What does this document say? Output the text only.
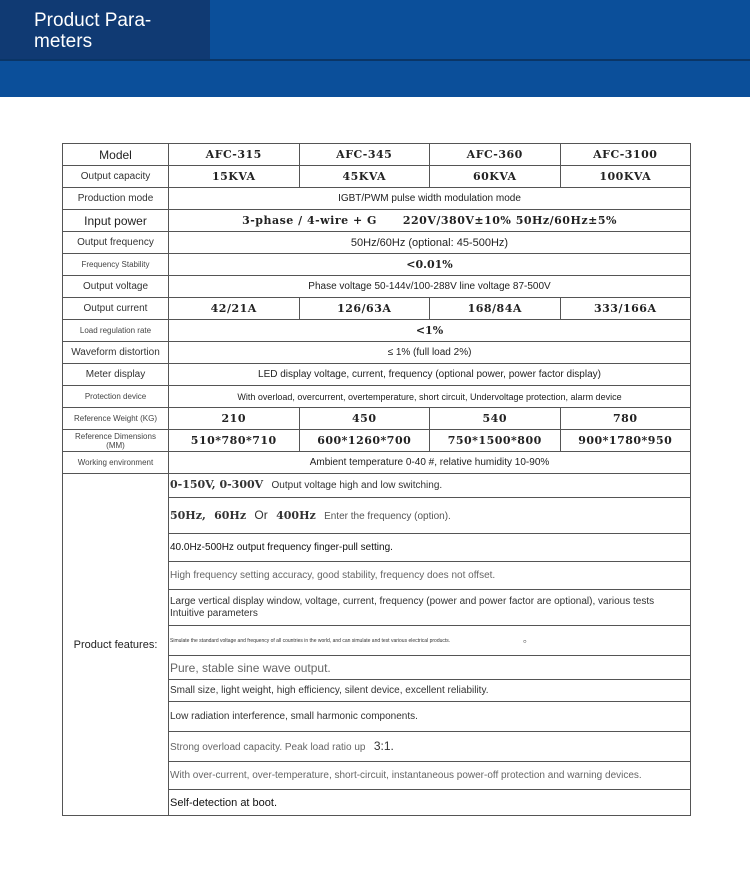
Product Para-
meters
Model	AFC-315	AFC-345	AFC-360	AFC-3100
Output capacity	15KVA	45KVA	60KVA	100KVA
Production mode	IGBT/PWM pulse width modulation mode			
Input power	3-phase / 4-wire + G      220V/380V±10% 50Hz/60Hz±5%			
Output frequency	50Hz/60Hz (optional: 45-500Hz)			
Frequency Stability	<0.01%			
Output voltage	Phase voltage 50-144v/100-288V line voltage 87-500V			
Output current	42/21A	126/63A	168/84A	333/166A
Load regulation rate	<1%			
Waveform distortion	≤ 1% (full load 2%)			
Meter display	LED display voltage, current, frequency (optional power, power factor display)			
Protection device	With overload, overcurrent, overtemperature, short circuit, Undervoltage protection, alarm device			
Reference Weight (KG)	210	450	540	780
Reference Dimensions (MM)	510*780*710	600*1260*700	750*1500*800	900*1780*950
Working environment	Ambient temperature 0-40 #, relative humidity 10-90%			
Product features:	0-150V, 0-300V Output voltage high and low switching.			
	50Hz, 60Hz Or 400Hz Enter the frequency (option).			
	40.0Hz-500Hz output frequency finger-pull setting.			
	High frequency setting accuracy, good stability, frequency does not offset.			
	Large vertical display window, voltage, current, frequency (power and power factor are optional), various tests Intuitive parameters			
	Simulate the standard voltage and frequency of all countries in the world, and can simulate and test various electrical products. 。			
	Pure, stable sine wave output.			
	Small size, light weight, high efficiency, silent device, excellent reliability.			
	Low radiation interference, small harmonic components.			
	Strong overload capacity. Peak load ratio up 3:1.			
	With over-current, over-temperature, short-circuit, instantaneous power-off protection and warning devices.			
	Self-detection at boot.			
